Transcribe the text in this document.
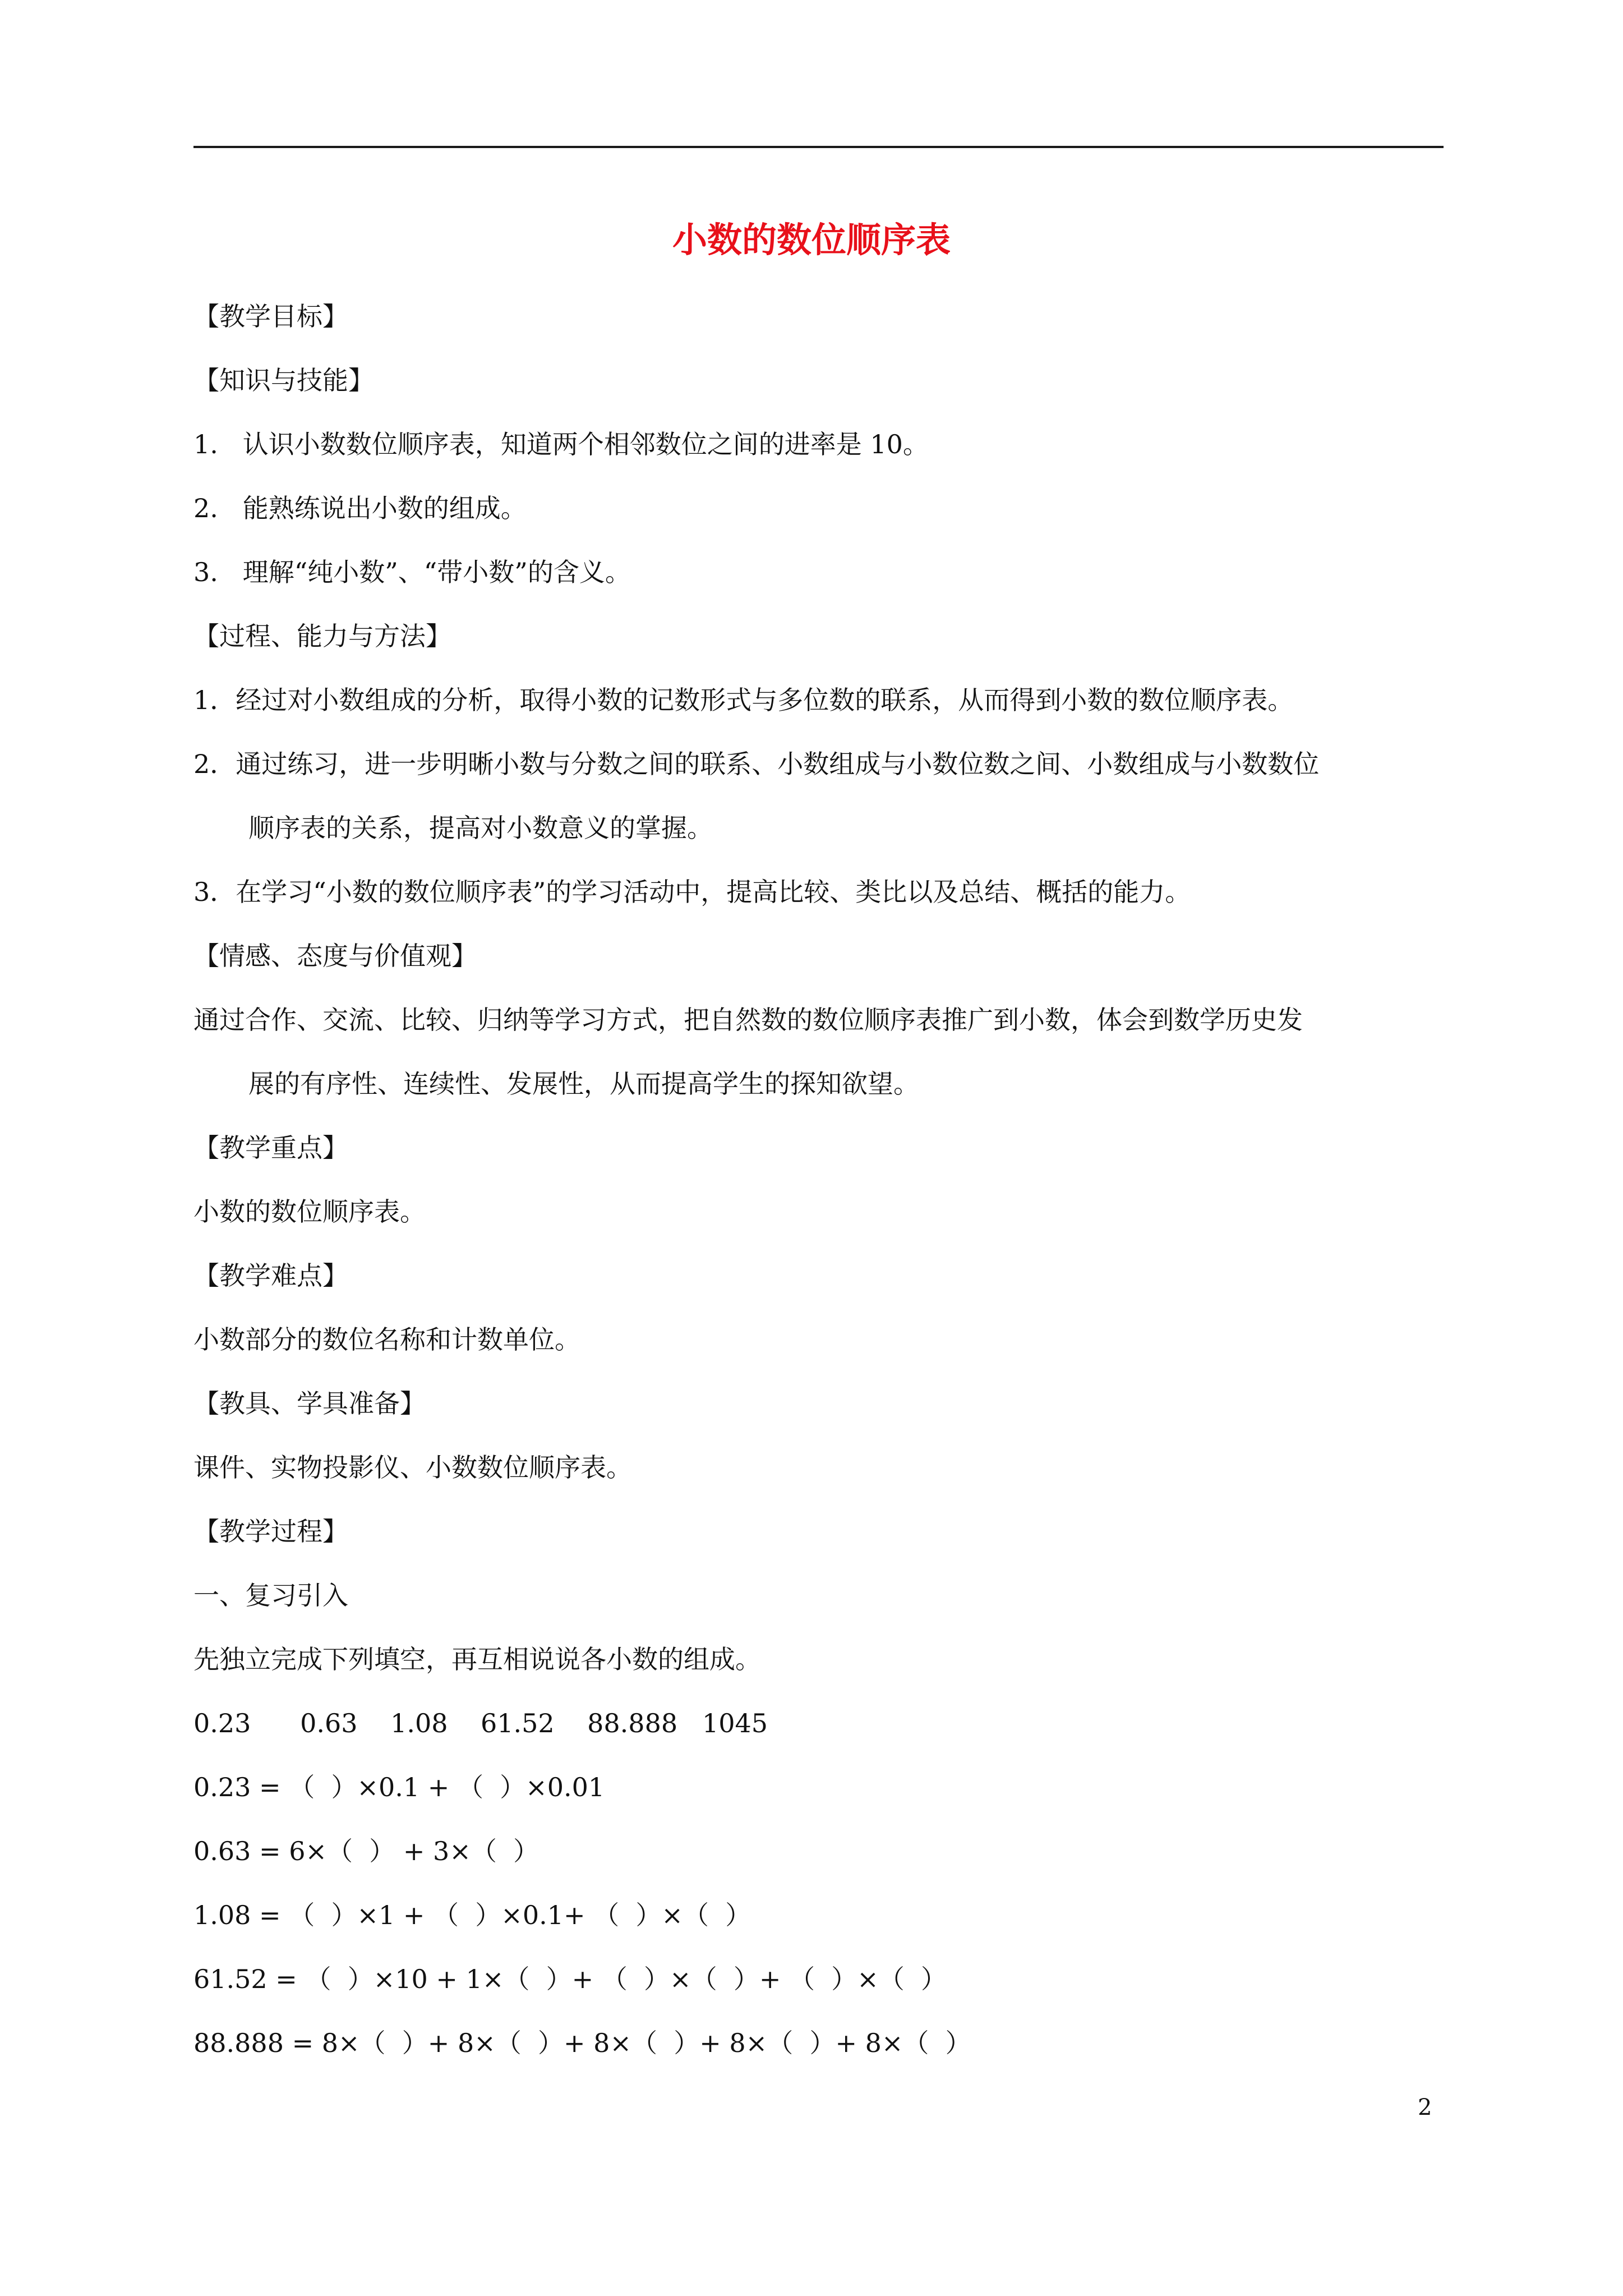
小数的数位顺序表
【教学目标】
【知识与技能】
1.   认识小数数位顺序表，知道两个相邻数位之间的进率是 10。
2.   能熟练说出小数的组成。
3.   理解“纯小数”、“带小数”的含义。
【过程、能力与方法】
1．经过对小数组成的分析，取得小数的记数形式与多位数的联系，从而得到小数的数位顺序表。
2．通过练习，进一步明晰小数与分数之间的联系、小数组成与小数位数之间、小数组成与小数数位
顺序表的关系，提高对小数意义的掌握。
3．在学习“小数的数位顺序表”的学习活动中，提高比较、类比以及总结、概括的能力。
【情感、态度与价值观】
通过合作、交流、比较、归纳等学习方式，把自然数的数位顺序表推广到小数，体会到数学历史发
展的有序性、连续性、发展性，从而提高学生的探知欲望。
【教学重点】
小数的数位顺序表。
【教学难点】
小数部分的数位名称和计数单位。
【教具、学具准备】
课件、实物投影仪、小数数位顺序表。
【教学过程】
一、复习引入
先独立完成下列填空，再互相说说各小数的组成。
0.23      0.63    1.08    61.52    88.888   1045
0.23 = （  ）×0.1 + （  ）×0.01
0.63 = 6×（  ） + 3×（  ）
1.08 = （  ）×1 + （  ）×0.1+ （  ）×（  ）
61.52 = （  ）×10 + 1×（  ）+ （  ）×（  ）+ （  ）×（  ）
88.888 = 8×（  ）+ 8×（  ）+ 8×（  ）+ 8×（  ）+ 8×（  ）
2
